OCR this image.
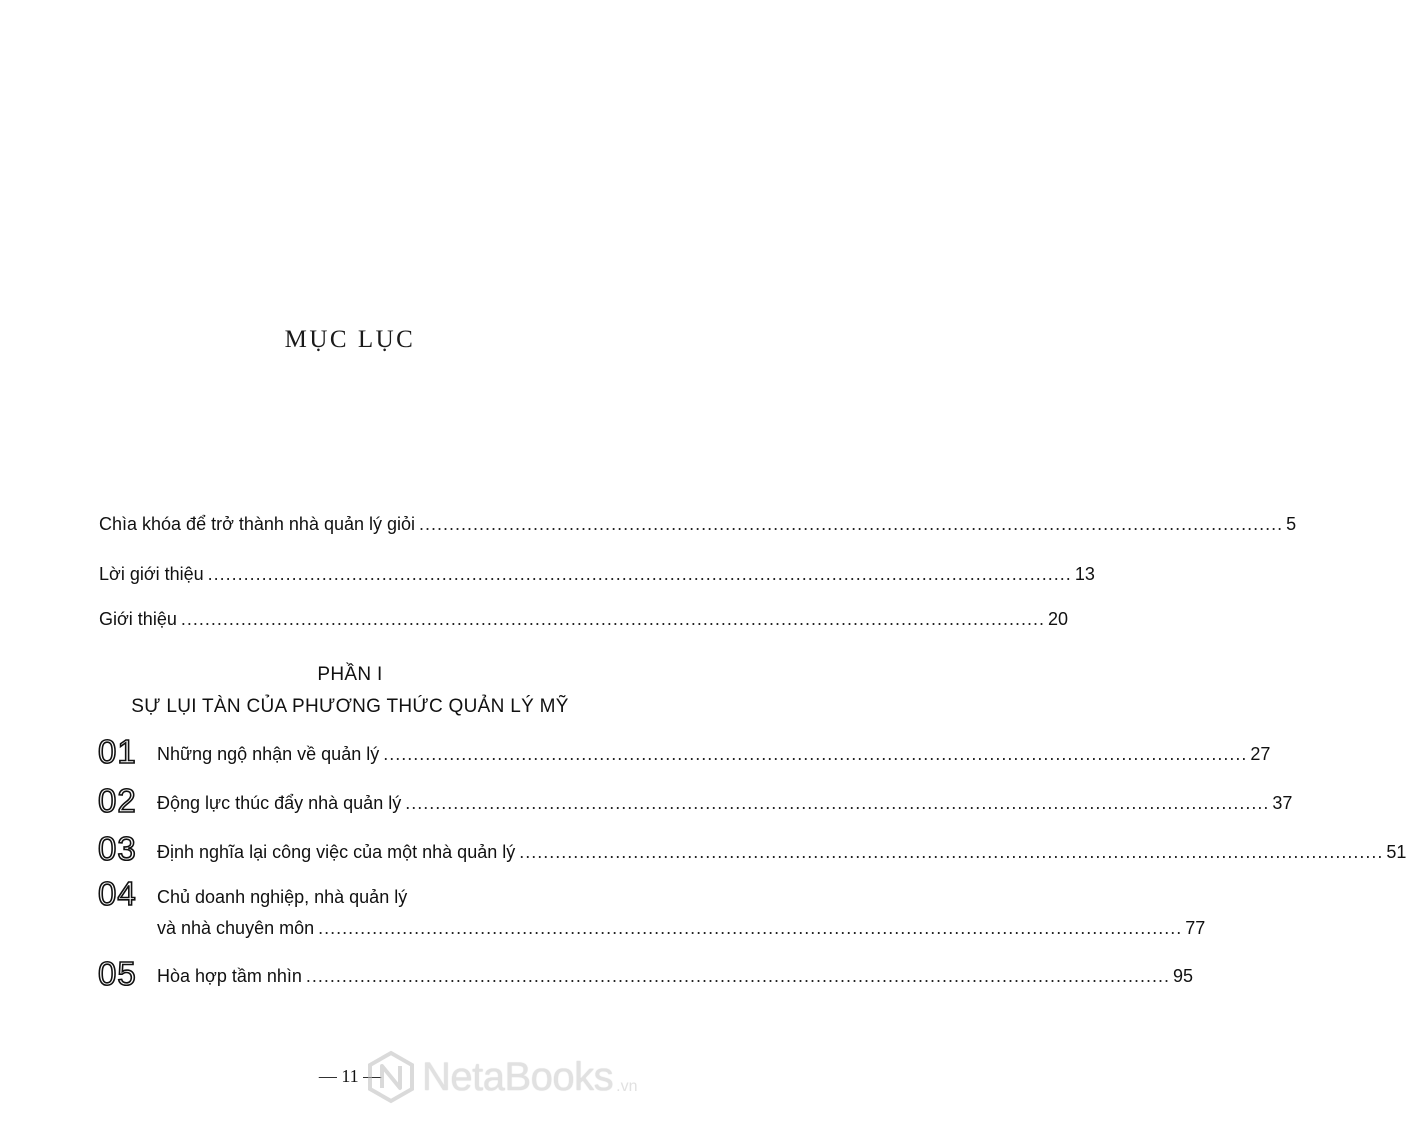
MỤC LỤC
Chìa khóa để trở thành nhà quản lý giỏi ................................................................................................................................................ 5
Lời giới thiệu ................................................................................................................................................ 13
Giới thiệu ................................................................................................................................................ 20
PHẦN I
SỰ LỤI TÀN CỦA PHƯƠNG THỨC QUẢN LÝ MỸ
01 Những ngộ nhận về quản lý ................................................................................................................................................ 27
02 Động lực thúc đẩy nhà quản lý ................................................................................................................................................ 37
03 Định nghĩa lại công việc của một nhà quản lý ................................................................................................................................................ 51
04 Chủ doanh nghiệp, nhà quản lý
và nhà chuyên môn ................................................................................................................................................ 77
05 Hòa hợp tầm nhìn ................................................................................................................................................ 95
— 11 —	NetaBooks .vn
